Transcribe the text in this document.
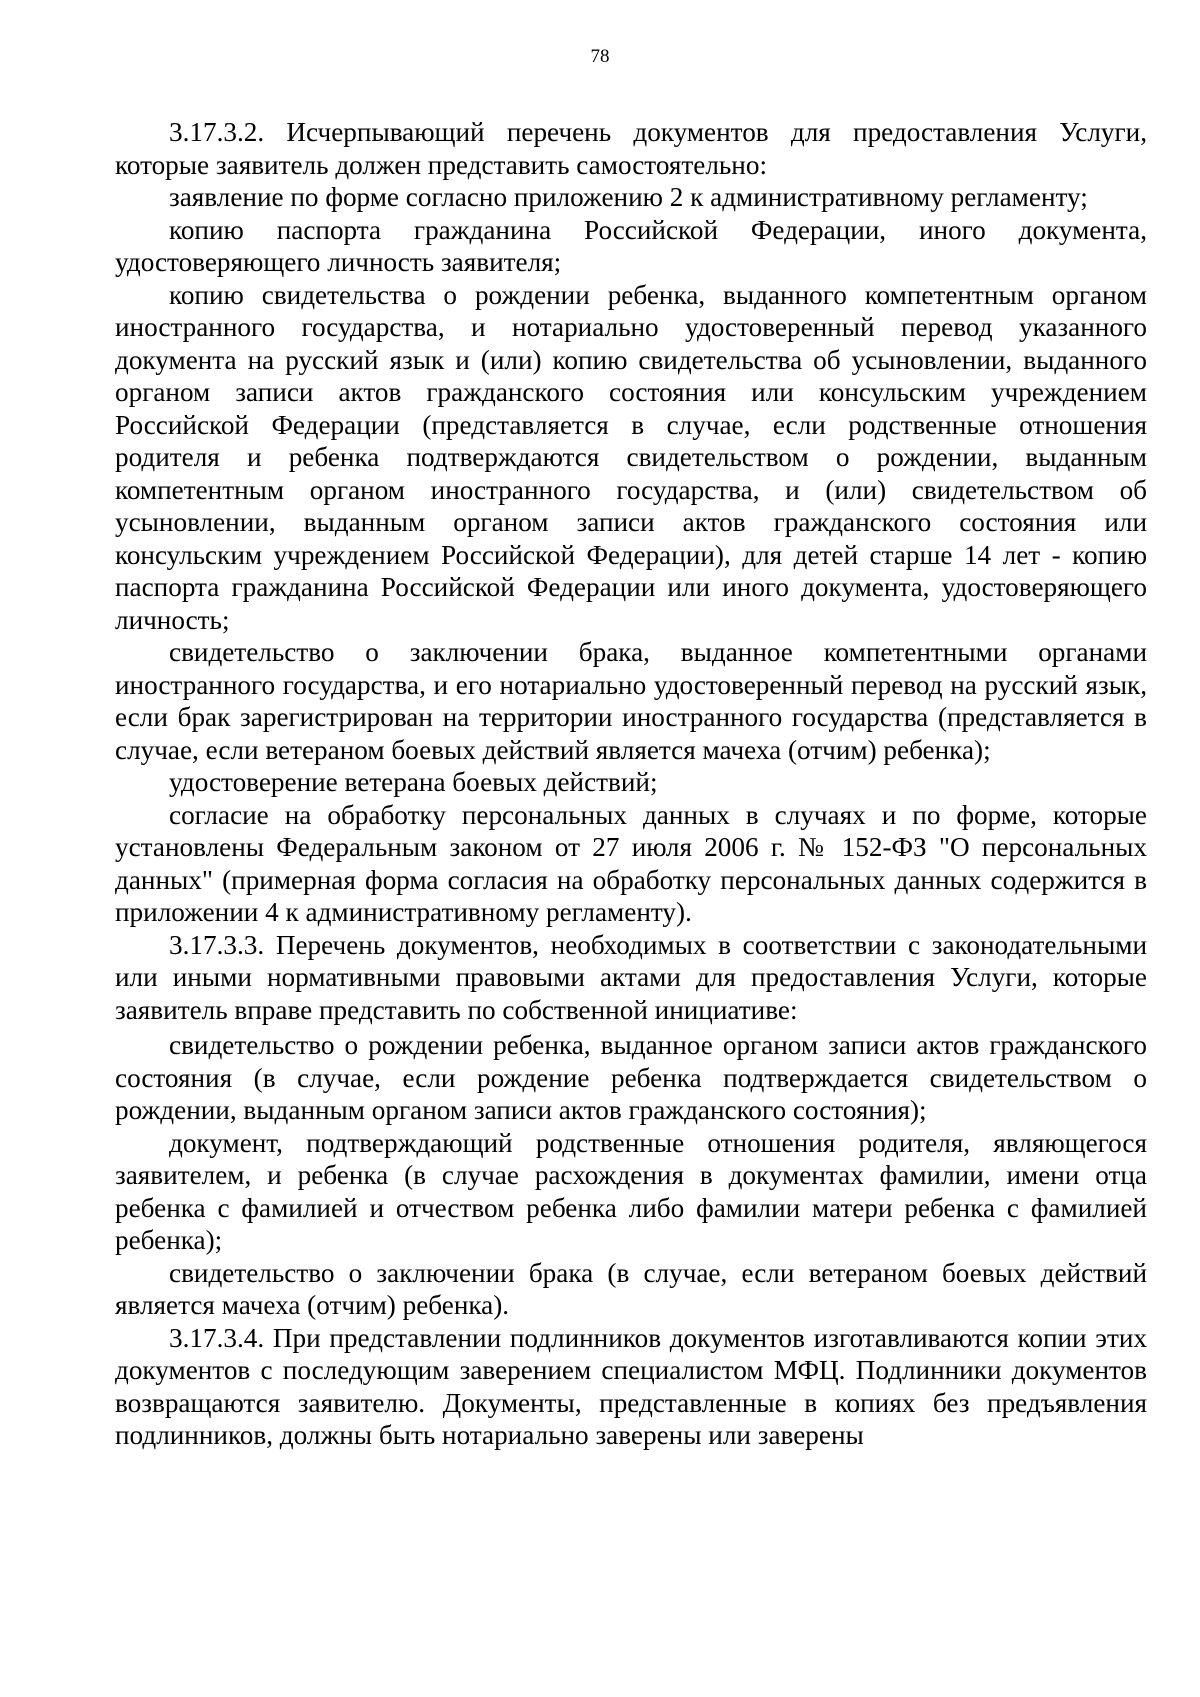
78

3.17.3.2. Исчерпывающий перечень документов для предоставления Услуги, которые заявитель должен представить самостоятельно:

заявление по форме согласно приложению 2 к административному регламенту;

копию паспорта гражданина Российской Федерации, иного документа, удостоверяющего личность заявителя;

копию свидетельства о рождении ребенка, выданного компетентным органом иностранного государства, и нотариально удостоверенный перевод указанного документа на русский язык и (или) копию свидетельства об усыновлении, выданного органом записи актов гражданского состояния или консульским учреждением Российской Федерации (представляется в случае, если родственные отношения родителя и ребенка подтверждаются свидетельством о рождении, выданным компетентным органом иностранного государства, и (или) свидетельством об усыновлении, выданным органом записи актов гражданского состояния или консульским учреждением Российской Федерации), для детей старше 14 лет - копию паспорта гражданина Российской Федерации или иного документа, удостоверяющего личность;

свидетельство о заключении брака, выданное компетентными органами иностранного государства, и его нотариально удостоверенный перевод на русский язык, если брак зарегистрирован на территории иностранного государства (представляется в случае, если ветераном боевых действий является мачеха (отчим) ребенка);

удостоверение ветерана боевых действий;

согласие на обработку персональных данных в случаях и по форме, которые установлены Федеральным законом от 27 июля 2006 г. № 152-ФЗ "О персональных данных" (примерная форма согласия на обработку персональных данных содержится в приложении 4 к административному регламенту).

3.17.3.3. Перечень документов, необходимых в соответствии с законодательными или иными нормативными правовыми актами для предоставления Услуги, которые заявитель вправе представить по собственной инициативе:

свидетельство о рождении ребенка, выданное органом записи актов гражданского состояния (в случае, если рождение ребенка подтверждается свидетельством о рождении, выданным органом записи актов гражданского состояния);

документ, подтверждающий родственные отношения родителя, являющегося заявителем, и ребенка (в случае расхождения в документах фамилии, имени отца ребенка с фамилией и отчеством ребенка либо фамилии матери ребенка с фамилией ребенка);

свидетельство о заключении брака (в случае, если ветераном боевых действий является мачеха (отчим) ребенка).

3.17.3.4. При представлении подлинников документов изготавливаются копии этих документов с последующим заверением специалистом МФЦ. Подлинники документов возвращаются заявителю. Документы, представленные в копиях без предъявления подлинников, должны быть нотариально заверены или заверены
